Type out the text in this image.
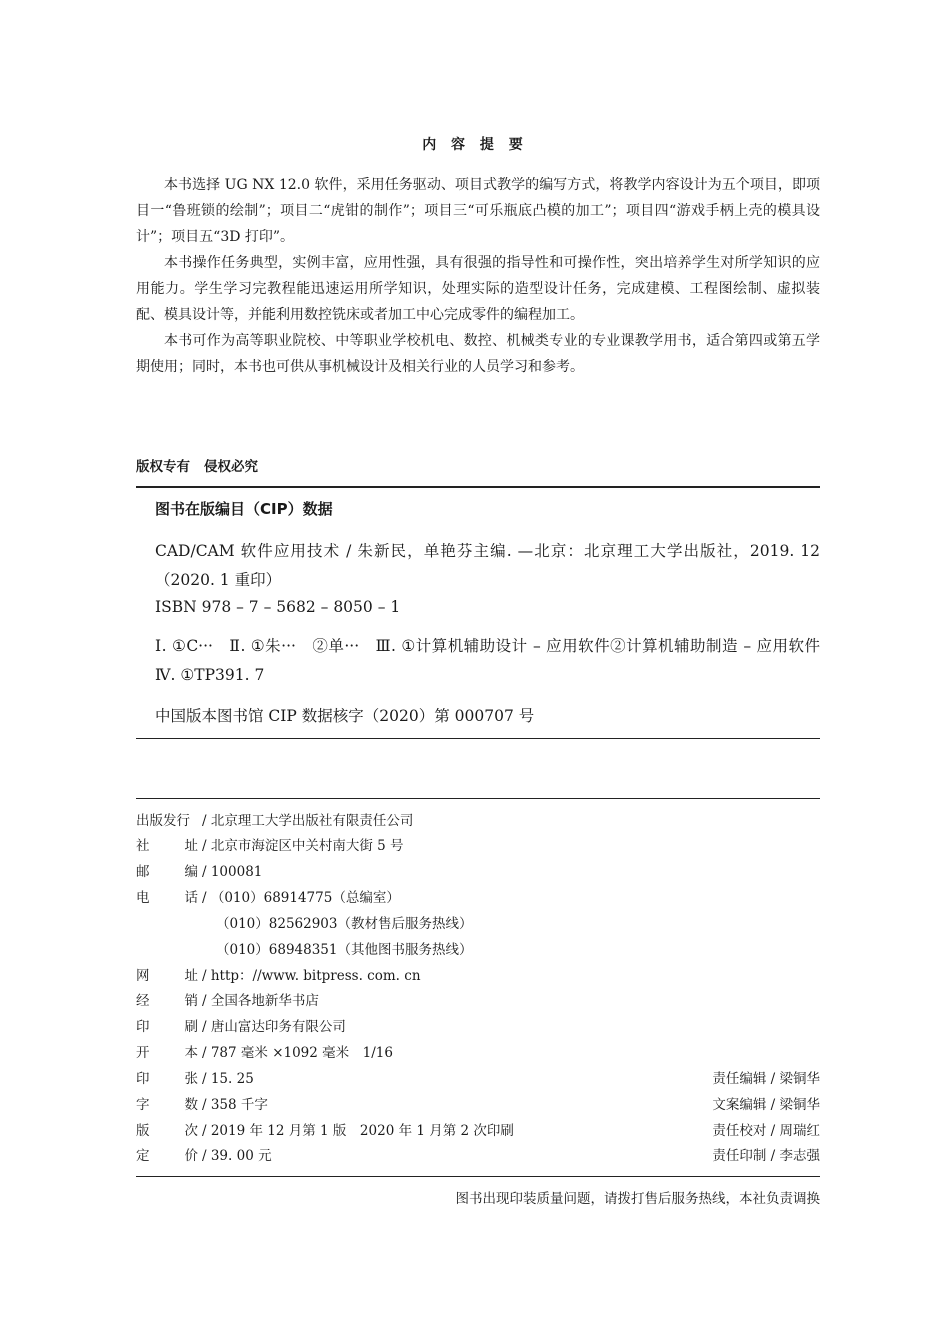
内 容 提 要

本书选择 UG NX 12.0 软件，采用任务驱动、项目式教学的编写方式，将教学内容设计为五个项目，即项目一“鲁班锁的绘制”；项目二“虎钳的制作”；项目三“可乐瓶底凸模的加工”；项目四“游戏手柄上壳的模具设计”；项目五“3D 打印”。

本书操作任务典型，实例丰富，应用性强，具有很强的指导性和可操作性，突出培养学生对所学知识的应用能力。学生学习完教程能迅速运用所学知识，处理实际的造型设计任务，完成建模、工程图绘制、虚拟装配、模具设计等，并能利用数控铣床或者加工中心完成零件的编程加工。

本书可作为高等职业院校、中等职业学校机电、数控、机械类专业的专业课教学用书，适合第四或第五学期使用；同时，本书也可供从事机械设计及相关行业的人员学习和参考。

版权专有 侵权必究
图书在版编目（CIP）数据
CAD/CAM 软件应用技术 / 朱新民，单艳芬主编. —北京：北京理工大学出版社，2019. 12（2020. 1 重印）
ISBN 978 – 7 – 5682 – 8050 – 1
Ⅰ. ①C···　Ⅱ. ①朱···　②单···　Ⅲ. ①计算机辅助设计 – 应用软件②计算机辅助制造 – 应用软件　Ⅳ. ①TP391. 7
中国版本图书馆 CIP 数据核字（2020）第 000707 号
出版发行 / 北京理工大学出版社有限责任公司
社	址 / 北京市海淀区中关村南大街 5 号
邮	编 / 100081
电	话 / （010）68914775（总编室）
（010）82562903（教材售后服务热线）
（010）68948351（其他图书服务热线）
网	址 / http：//www. bitpress. com. cn
经	销 / 全国各地新华书店
印	刷 / 唐山富达印务有限公司
开	本 / 787 毫米 ×1092 毫米　1/16
印	张 / 15. 25	责任编辑 / 梁铜华
字	数 / 358 千字	文案编辑 / 梁铜华
版	次 / 2019 年 12 月第 1 版　2020 年 1 月第 2 次印刷	责任校对 / 周瑞红
定	价 / 39. 00 元	责任印制 / 李志强
图书出现印装质量问题，请拨打售后服务热线，本社负责调换
